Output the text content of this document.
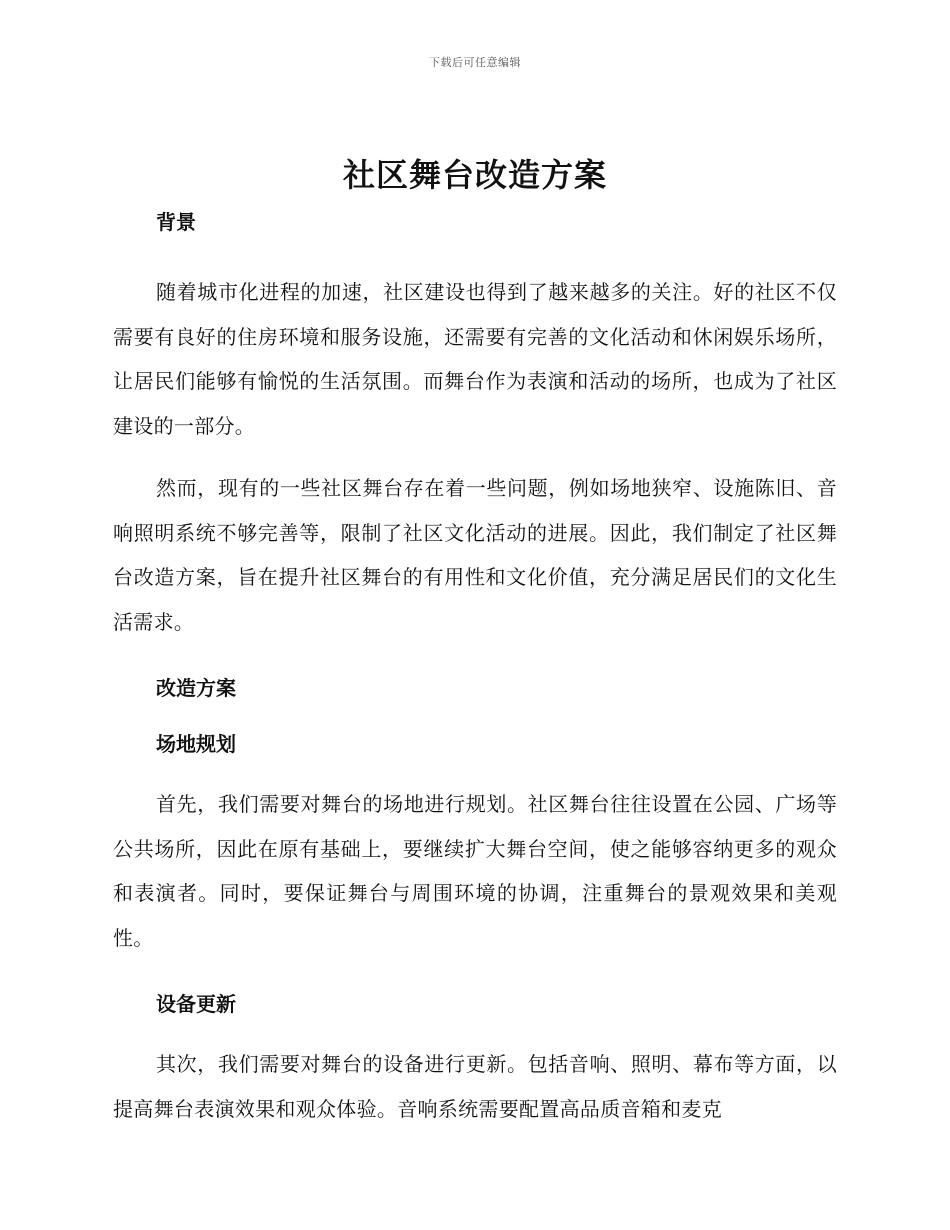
下载后可任意编辑
社区舞台改造方案
背景

随着城市化进程的加速，社区建设也得到了越来越多的关注。好的社区不仅需要有良好的住房环境和服务设施，还需要有完善的文化活动和休闲娱乐场所，让居民们能够有愉悦的生活氛围。而舞台作为表演和活动的场所，也成为了社区建设的一部分。

然而，现有的一些社区舞台存在着一些问题，例如场地狭窄、设施陈旧、音响照明系统不够完善等，限制了社区文化活动的进展。因此，我们制定了社区舞台改造方案，旨在提升社区舞台的有用性和文化价值，充分满足居民们的文化生活需求。

改造方案
场地规划

首先，我们需要对舞台的场地进行规划。社区舞台往往设置在公园、广场等公共场所，因此在原有基础上，要继续扩大舞台空间，使之能够容纳更多的观众和表演者。同时，要保证舞台与周围环境的协调，注重舞台的景观效果和美观性。

设备更新

其次，我们需要对舞台的设备进行更新。包括音响、照明、幕布等方面，以提高舞台表演效果和观众体验。音响系统需要配置高品质音箱和麦克
